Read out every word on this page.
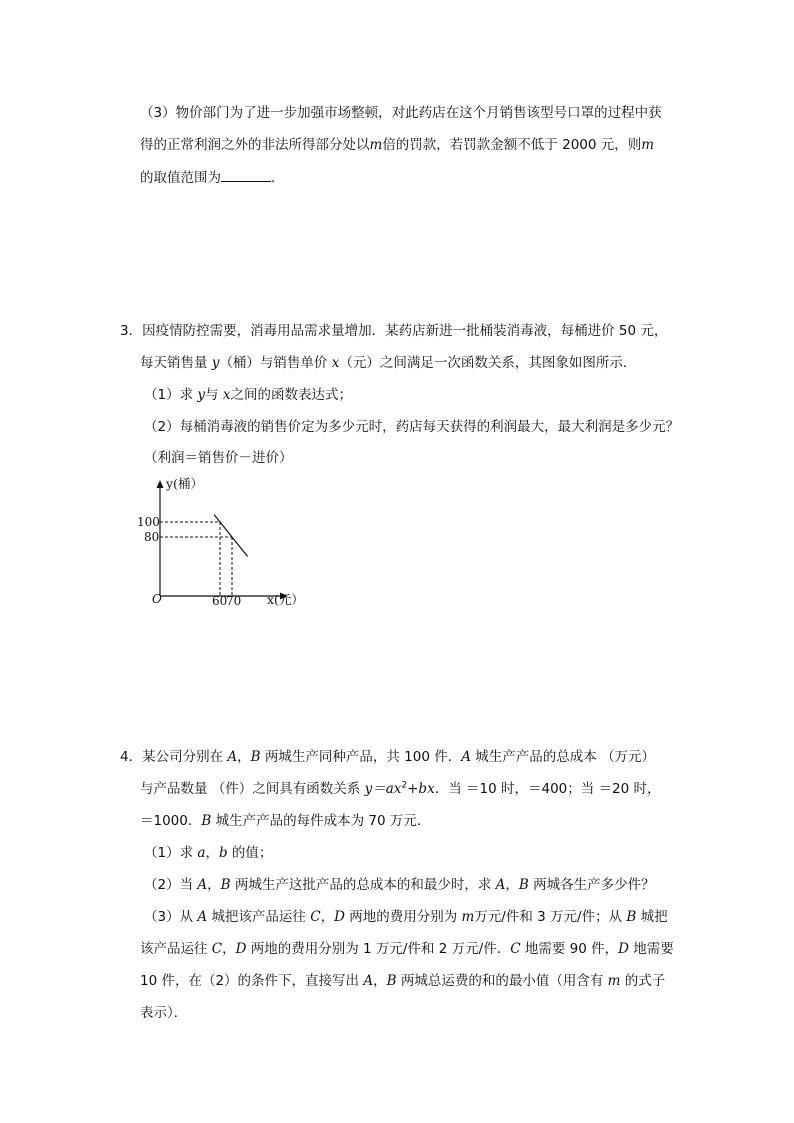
（3）物价部门为了进一步加强市场整顿，对此药店在这个月销售该型号口罩的过程中获
得的正常利润之外的非法所得部分处以m倍的罚款，若罚款金额不低于 2000 元，则m
的取值范围为	.
3．因疫情防控需要，消毒用品需求量增加．某药店新进一批桶装消毒液，每桶进价 50 元，
每天销售量 y（桶）与销售单价 x（元）之间满足一次函数关系，其图象如图所示．
（1）求 y与 x之间的函数表达式；
（2）每桶消毒液的销售价定为多少元时，药店每天获得的利润最大，最大利润是多少元？
（利润＝销售价－进价）
y(桶）
x(元）
O
100
80
60
70
4．某公司分别在 A，B 两城生产同种产品，共 100 件．A 城生产产品的总成本 （万元）
与产品数量 （件）之间具有函数关系 $y=ax^2+bx$．当 ＝10 时，＝400；当 ＝20 时，
＝1000．B 城生产产品的每件成本为 70 万元．
（1）求 a，b 的值；
（2）当 A，B 两城生产这批产品的总成本的和最少时，求 A，B 两城各生产多少件？
（3）从 A 城把该产品运往 C，D 两地的费用分别为 m万元/件和 3 万元/件；从 B 城把
该产品运往 C，D 两地的费用分别为 1 万元/件和 2 万元/件．C 地需要 90 件，D 地需要
10 件，在（2）的条件下，直接写出 A，B 两城总运费的和的最小值（用含有 m 的式子
表示）．
